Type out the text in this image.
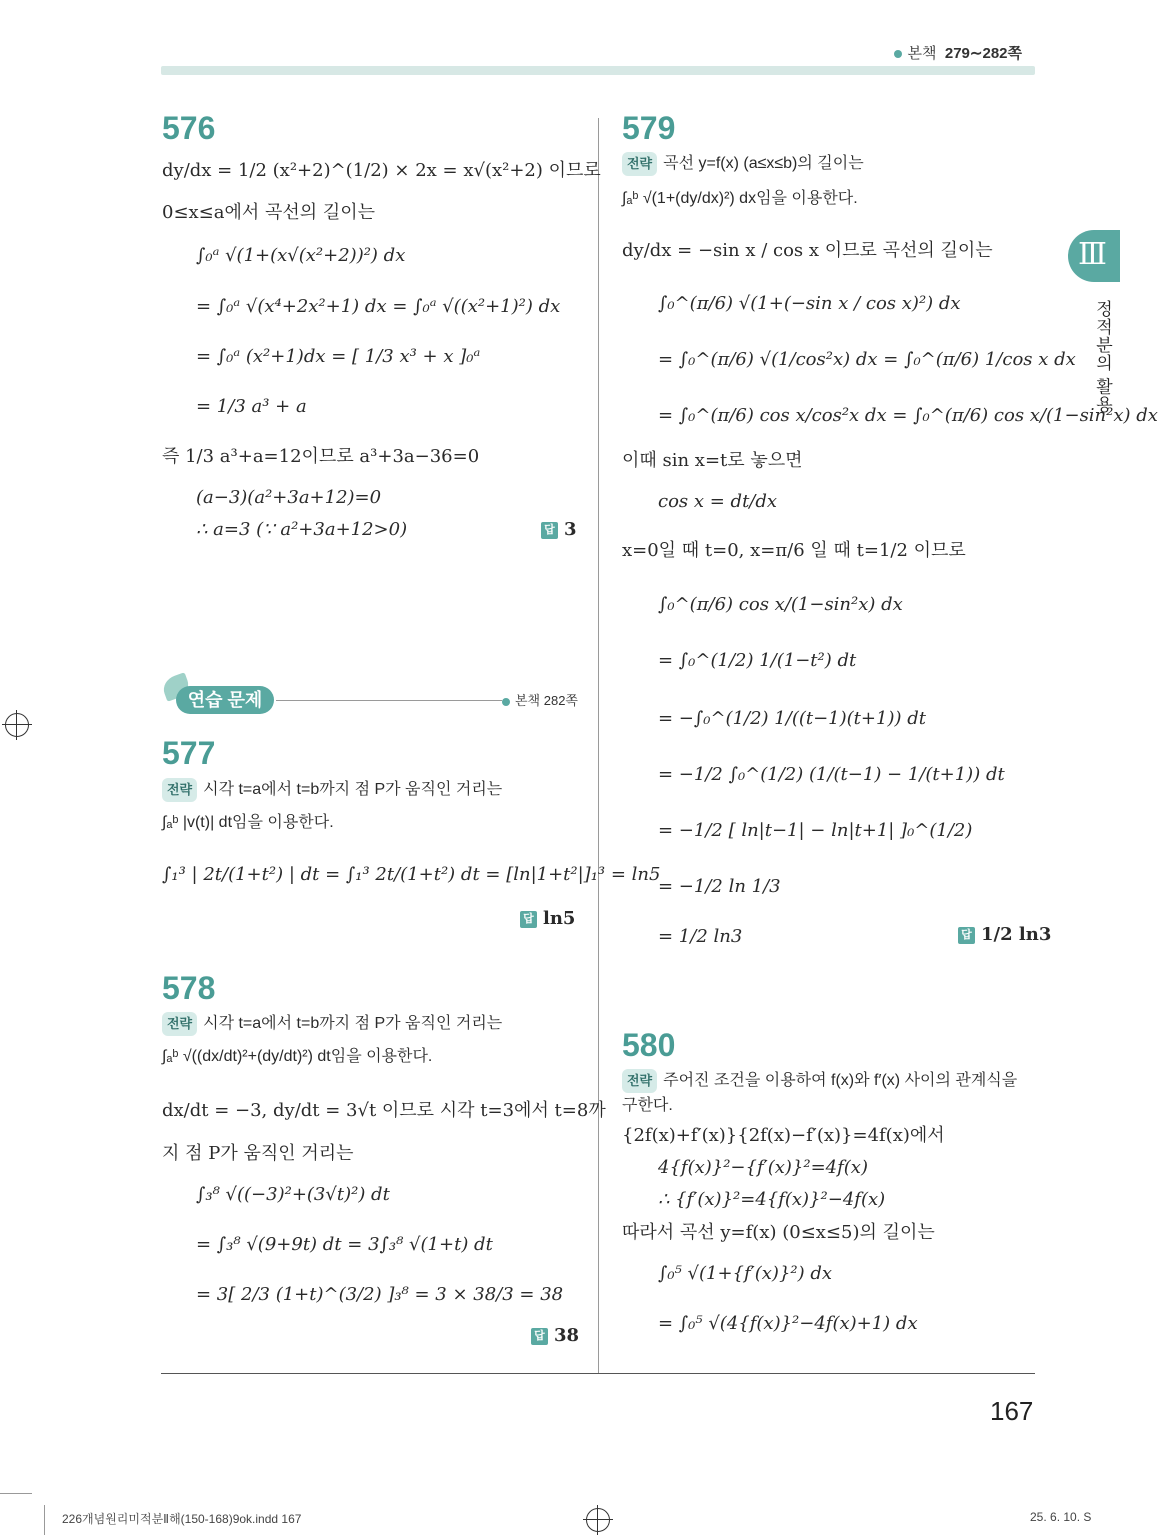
본책 279∼282쪽
Ⅲ
정적분의 활용
576
dy/dx = 1/2 (x²+2)^(1/2) × 2x = x√(x²+2) 이므로
0≤x≤a에서 곡선의 길이는
∫₀ᵃ √(1+(x√(x²+2))²) dx
= ∫₀ᵃ √(x⁴+2x²+1) dx = ∫₀ᵃ √((x²+1)²) dx
= ∫₀ᵃ (x²+1)dx = [ 1/3 x³ + x ]₀ᵃ
= 1/3 a³ + a
즉 1/3 a³+a=12이므로 a³+3a−36=0
(a−3)(a²+3a+12)=0
∴ a=3 (∵ a²+3a+12>0)	답 3
연습 문제	본책 282쪽
577
전략 시각 t=a에서 t=b까지 점 P가 움직인 거리는
∫ₐᵇ |v(t)| dt임을 이용한다.
∫₁³ | 2t/(1+t²) | dt = ∫₁³ 2t/(1+t²) dt = [ln|1+t²|]₁³ = ln5
답 ln5
578
전략 시각 t=a에서 t=b까지 점 P가 움직인 거리는
∫ₐᵇ √((dx/dt)²+(dy/dt)²) dt임을 이용한다.
dx/dt = −3, dy/dt = 3√t 이므로 시각 t=3에서 t=8까
지 점 P가 움직인 거리는
∫₃⁸ √((−3)²+(3√t)²) dt
= ∫₃⁸ √(9+9t) dt = 3∫₃⁸ √(1+t) dt
= 3[ 2/3 (1+t)^(3/2) ]₃⁸ = 3 × 38/3 = 38
답 38
579
전략 곡선 y=f(x) (a≤x≤b)의 길이는
∫ₐᵇ √(1+(dy/dx)²) dx임을 이용한다.
dy/dx = −sin x / cos x 이므로 곡선의 길이는
∫₀^(π/6) √(1+(−sin x / cos x)²) dx
= ∫₀^(π/6) √(1/cos²x) dx = ∫₀^(π/6) 1/cos x dx
= ∫₀^(π/6) cos x/cos²x dx = ∫₀^(π/6) cos x/(1−sin²x) dx
이때 sin x=t로 놓으면
cos x = dt/dx
x=0일 때 t=0, x=π/6 일 때 t=1/2 이므로
∫₀^(π/6) cos x/(1−sin²x) dx
= ∫₀^(1/2) 1/(1−t²) dt
= −∫₀^(1/2) 1/((t−1)(t+1)) dt
= −1/2 ∫₀^(1/2) (1/(t−1) − 1/(t+1)) dt
= −1/2 [ ln|t−1| − ln|t+1| ]₀^(1/2)
= −1/2 ln 1/3
= 1/2 ln3	답 1/2 ln3
580
전략 주어진 조건을 이용하여 f(x)와 f′(x) 사이의 관계식을
구한다.
{2f(x)+f′(x)}{2f(x)−f′(x)}=4f(x)에서
4{f(x)}²−{f′(x)}²=4f(x)
∴ {f′(x)}²=4{f(x)}²−4f(x)
따라서 곡선 y=f(x) (0≤x≤5)의 길이는
∫₀⁵ √(1+{f′(x)}²) dx
= ∫₀⁵ √(4{f(x)}²−4f(x)+1) dx
167
226개념원리미적분Ⅱ해(150-168)9ok.indd 167	25. 6. 10. S
